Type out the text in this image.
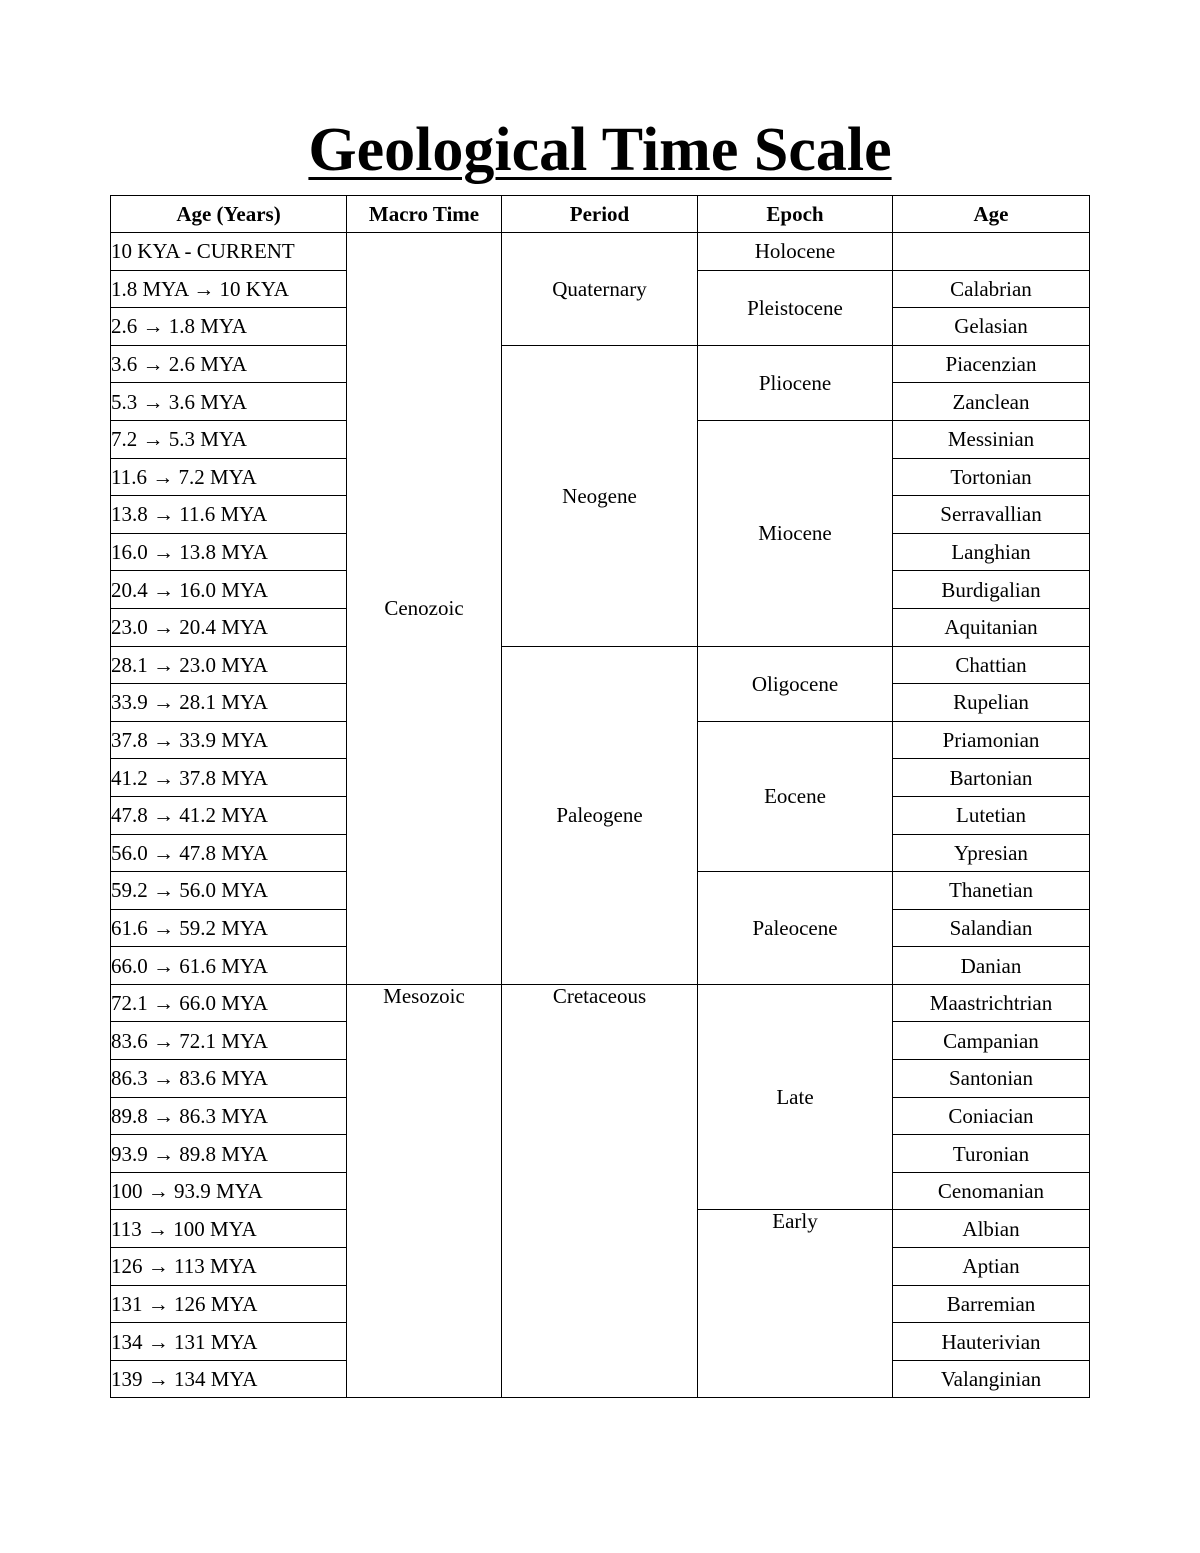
Geological Time Scale
Age (Years)	Macro Time	Period	Epoch	Age
10 KYA - CURRENT	Cenozoic	Quaternary	Holocene	
1.8 MYA → 10 KYA			Pleistocene	Calabrian
2.6 → 1.8 MYA				Gelasian
3.6 → 2.6 MYA		Neogene	Pliocene	Piacenzian
5.3 → 3.6 MYA				Zanclean
7.2 → 5.3 MYA			Miocene	Messinian
11.6 → 7.2 MYA				Tortonian
13.8 → 11.6 MYA				Serravallian
16.0 → 13.8 MYA				Langhian
20.4 → 16.0 MYA				Burdigalian
23.0 → 20.4 MYA				Aquitanian
28.1 → 23.0 MYA		Paleogene	Oligocene	Chattian
33.9 → 28.1 MYA				Rupelian
37.8 → 33.9 MYA			Eocene	Priamonian
41.2 → 37.8 MYA				Bartonian
47.8 → 41.2 MYA				Lutetian
56.0 → 47.8 MYA				Ypresian
59.2 → 56.0 MYA			Paleocene	Thanetian
61.6 → 59.2 MYA				Salandian
66.0 → 61.6 MYA				Danian
72.1 → 66.0 MYA	Mesozoic	Cretaceous	Late	Maastrichtrian
83.6 → 72.1 MYA				Campanian
86.3 → 83.6 MYA				Santonian
89.8 → 86.3 MYA				Coniacian
93.9 → 89.8 MYA				Turonian
100 → 93.9 MYA				Cenomanian
113 → 100 MYA			Early	Albian
126 → 113 MYA				Aptian
131 → 126 MYA				Barremian
134 → 131 MYA				Hauterivian
139 → 134 MYA				Valanginian
